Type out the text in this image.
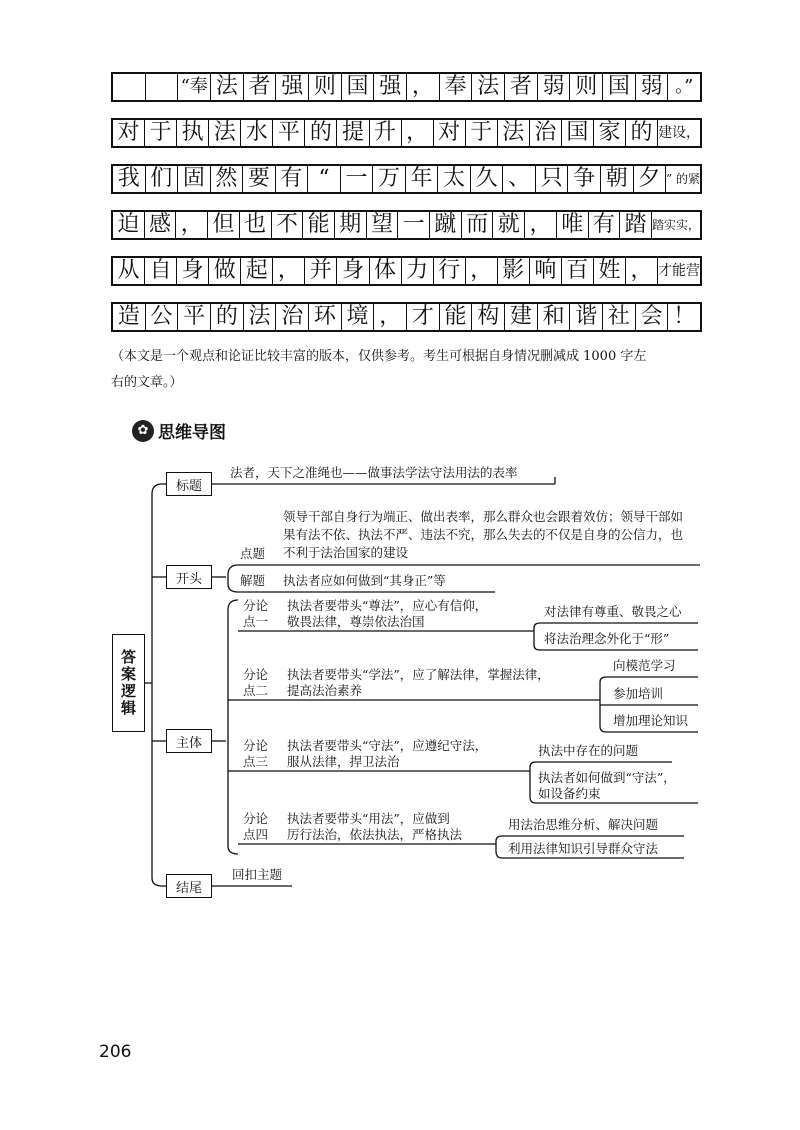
“奉 法 者 强 则 国 强 ， 奉 法 者 弱 则 国 弱 。”
对 于 执 法 水 平 的 提 升 ， 对 于 法 治 国 家 的 建设，
我 们 固 然 要 有 “ 一 万 年 太 久 、 只 争 朝 夕 ” 的紧
迫 感 ， 但 也 不 能 期 望 一 蹴 而 就 ， 唯 有 踏 踏实实，
从 自 身 做 起 ， 并 身 体 力 行 ， 影 响 百 姓 ， 才能营
造 公 平 的 法 治 环 境 ， 才 能 构 建 和 谐 社 会 ！
（本文是一个观点和论证比较丰富的版本，仅供参考。考生可根据自身情况删减成 1000 字左
右的文章。）
✿ 思维导图
答案逻辑
标题
法者，天下之准绳也——做事法学法守法用法的表率
开头
领导干部自身行为端正、做出表率，那么群众也会跟着效仿；领导干部如果有法不依、执法不严、违法不究，那么失去的不仅是自身的公信力，也不利于法治国家的建设
点题
解题 执法者应如何做到“其身正”等
主体
分论
点一
执法者要带头“尊法”，应心有信仰，
敬畏法律，尊崇依法治国
对法律有尊重、敬畏之心
将法治理念外化于“形”
分论
点二
执法者要带头“学法”，应了解法律，掌握法律，
提高法治素养
向模范学习
参加培训
增加理论知识
分论
点三
执法者要带头“守法”，应遵纪守法，
服从法律，捍卫法治
执法中存在的问题
执法者如何做到“守法”，
如设备约束
分论
点四
执法者要带头“用法”，应做到
厉行法治，依法执法，严格执法
用法治思维分析、解决问题
利用法律知识引导群众守法
结尾
回扣主题
206
